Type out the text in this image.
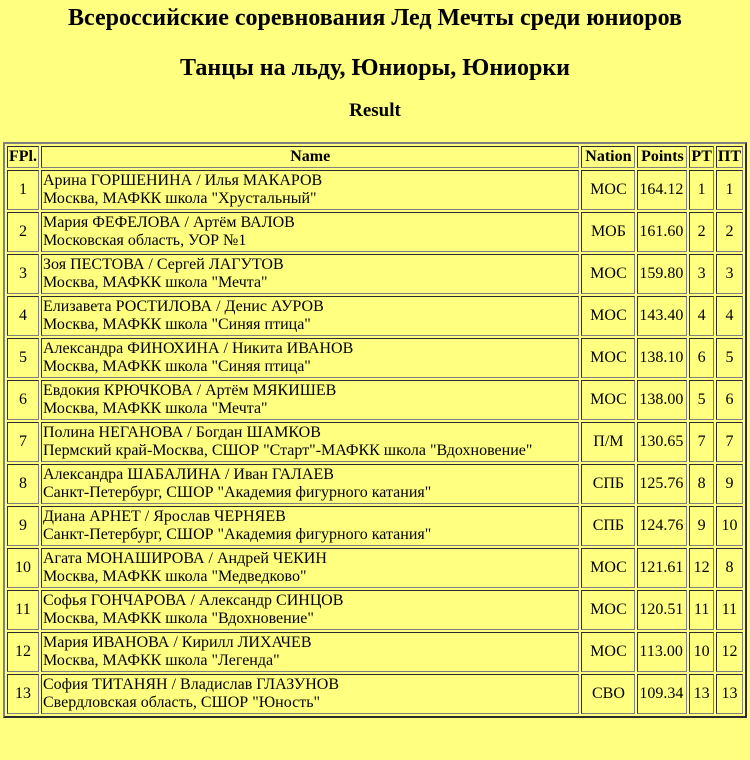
Всероссийские соревнования Лед Мечты среди юниоров
Танцы на льду, Юниоры, Юниорки
Result
FPl.	Name	Nation	Points	PT	ПТ
1	Арина ГОРШЕНИНА / Илья МАКАРОВ
Москва, МАФКК школа "Хрустальный"	МОС	164.12	1	1
2	Мария ФЕФЕЛОВА / Артём ВАЛОВ
Московская область, УОР №1	МОБ	161.60	2	2
3	Зоя ПЕСТОВА / Сергей ЛАГУТОВ
Москва, МАФКК школа "Мечта"	МОС	159.80	3	3
4	Елизавета РОСТИЛОВА / Денис АУРОВ
Москва, МАФКК школа "Синяя птица"	МОС	143.40	4	4
5	Александра ФИНОХИНА / Никита ИВАНОВ
Москва, МАФКК школа "Синяя птица"	МОС	138.10	6	5
6	Евдокия КРЮЧКОВА / Артём МЯКИШЕВ
Москва, МАФКК школа "Мечта"	МОС	138.00	5	6
7	Полина НЕГАНОВА / Богдан ШАМКОВ
Пермский край-Москва, СШОР "Старт"-МАФКК школа "Вдохновение"	П/М	130.65	7	7
8	Александра ШАБАЛИНА / Иван ГАЛАЕВ
Санкт-Петербург, СШОР "Академия фигурного катания"	СПБ	125.76	8	9
9	Диана АРНЕТ / Ярослав ЧЕРНЯЕВ
Санкт-Петербург, СШОР "Академия фигурного катания"	СПБ	124.76	9	10
10	Агата МОНАШИРОВА / Андрей ЧЕКИН
Москва, МАФКК школа "Медведково"	МОС	121.61	12	8
11	Софья ГОНЧАРОВА / Александр СИНЦОВ
Москва, МАФКК школа "Вдохновение"	МОС	120.51	11	11
12	Мария ИВАНОВА / Кирилл ЛИХАЧЕВ
Москва, МАФКК школа "Легенда"	МОС	113.00	10	12
13	София ТИТАНЯН / Владислав ГЛАЗУНОВ
Свердловская область, СШОР "Юность"	СВО	109.34	13	13
